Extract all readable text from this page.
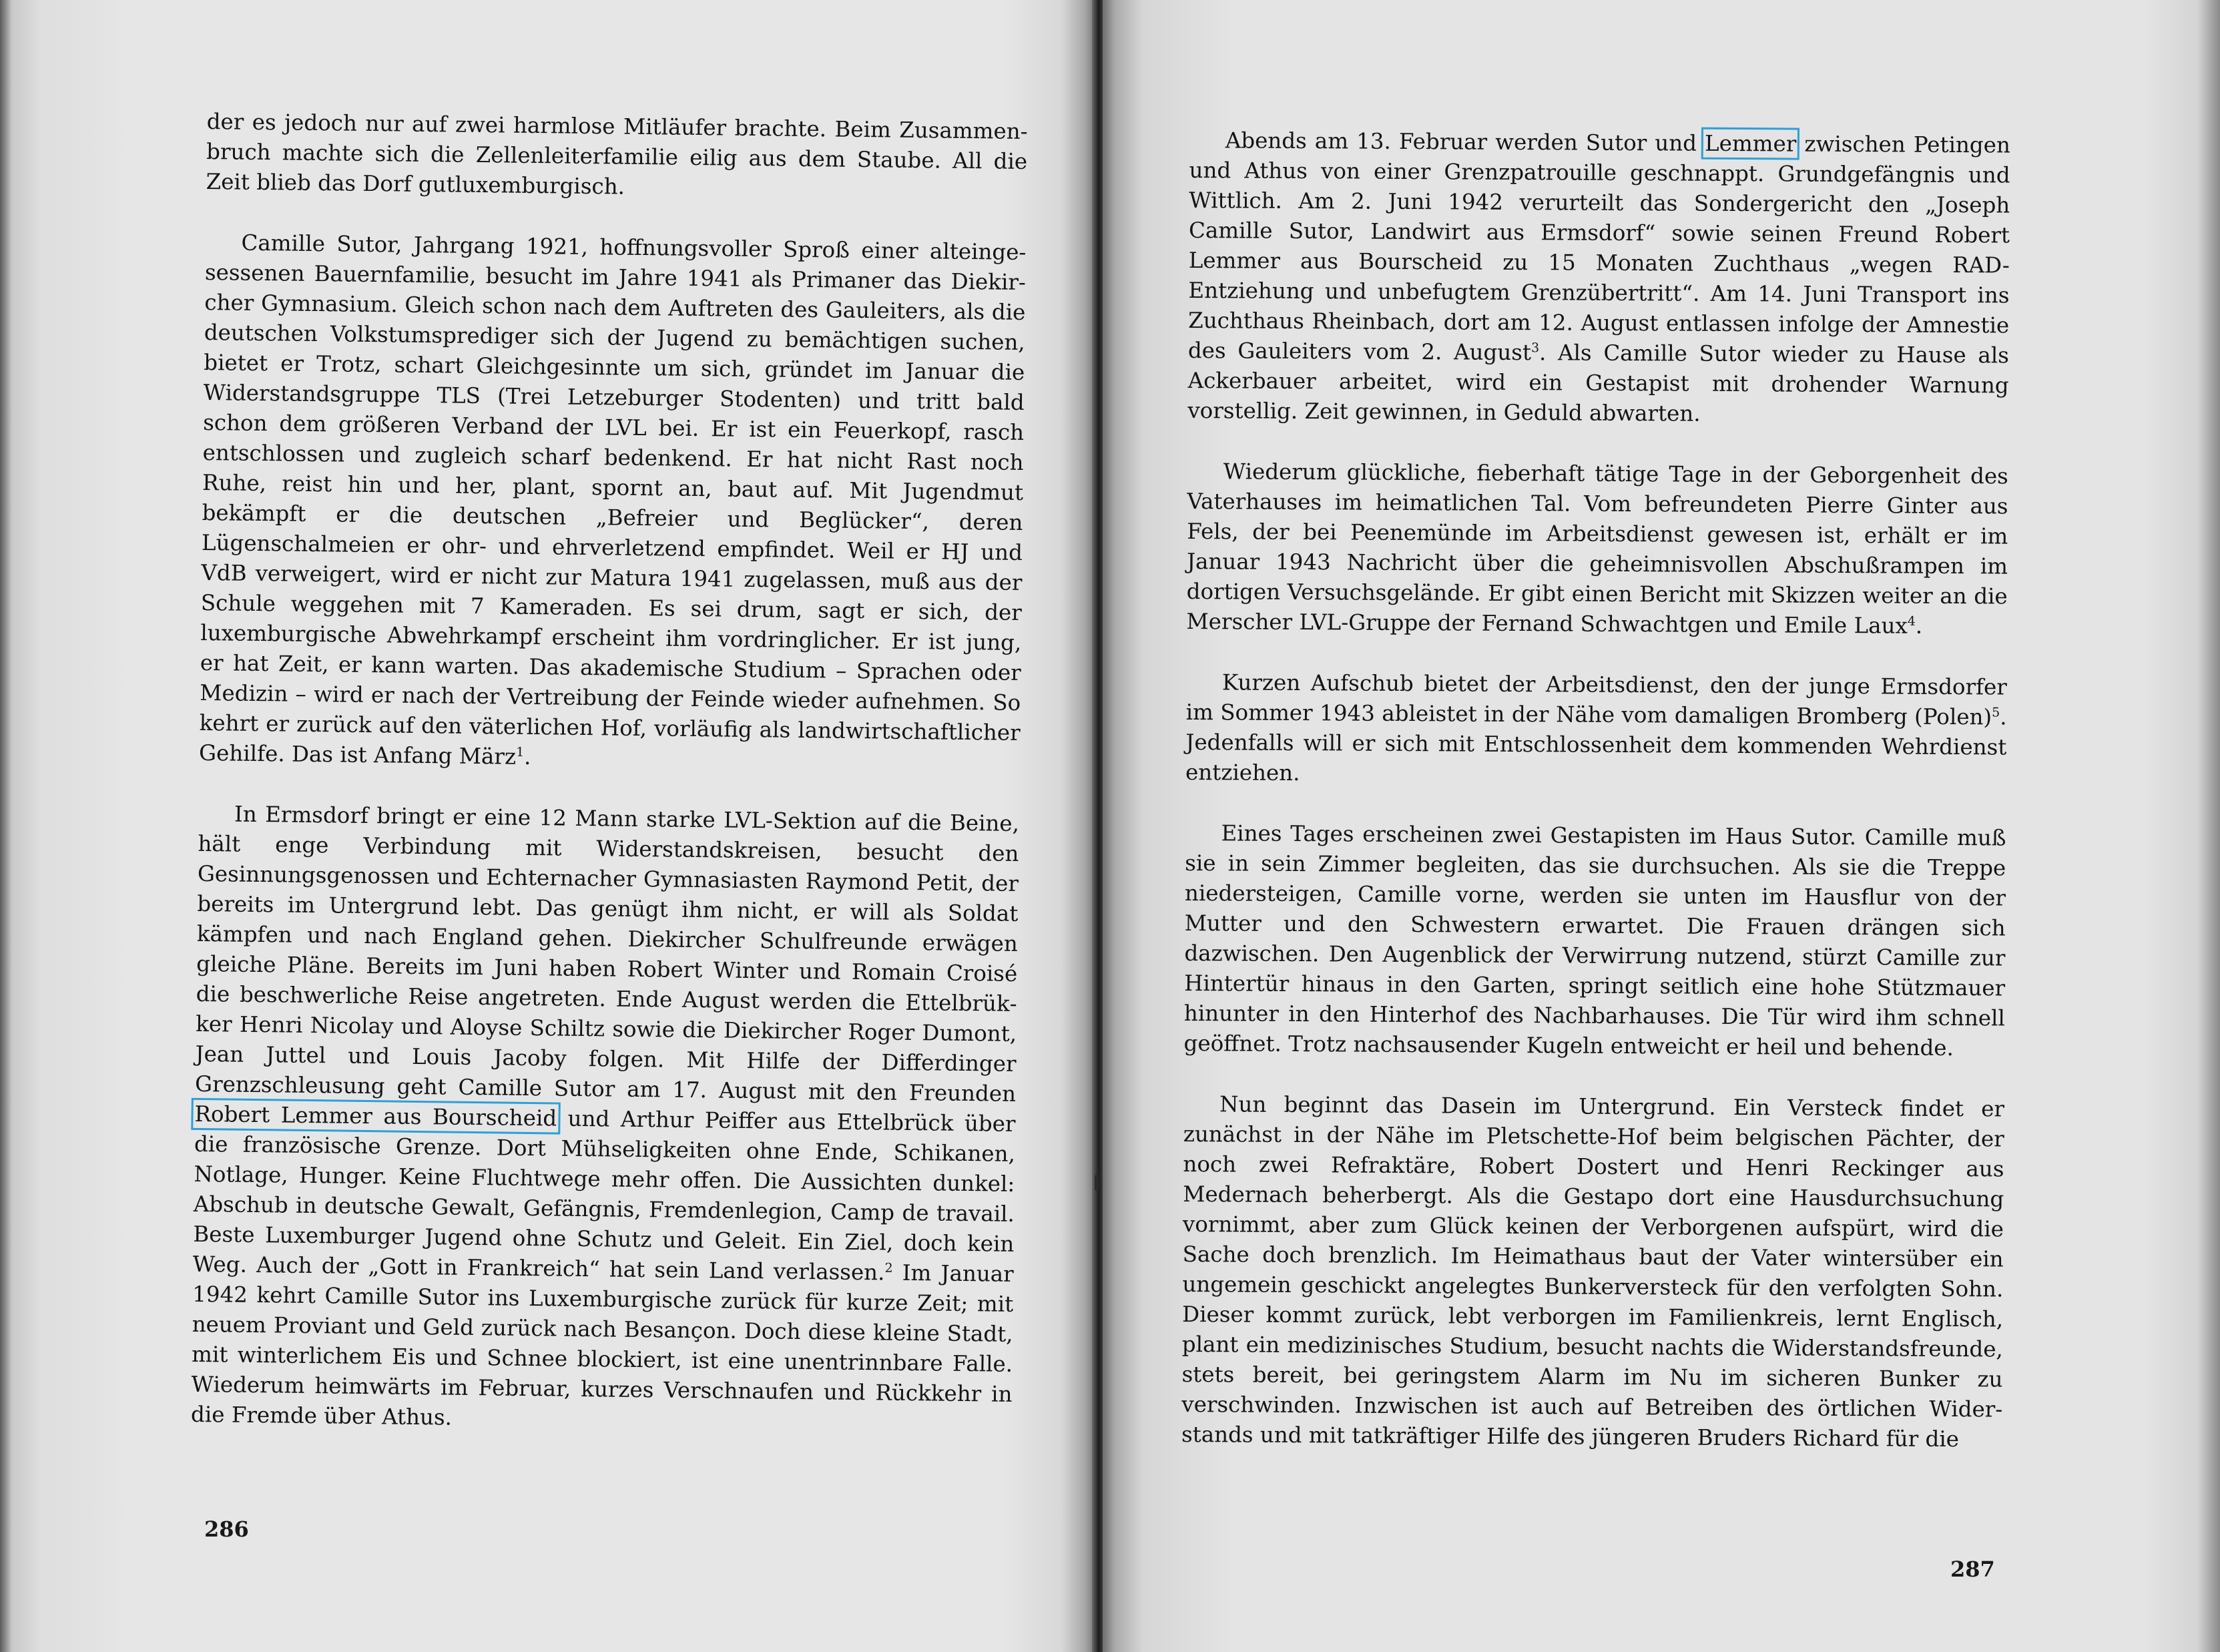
der es jedoch nur auf zwei harmlose Mitläufer brachte. Beim Zusammenbruch machte sich die Zellenleiterfamilie eilig aus dem Staube. All die Zeit blieb das Dorf gutluxemburgisch.

Camille Sutor, Jahrgang 1921, hoffnungsvoller Sproß einer alteingesessenen Bauernfamilie, besucht im Jahre 1941 als Primaner das Diekircher Gymnasium. Gleich schon nach dem Auftreten des Gauleiters, als die deutschen Volkstumsprediger sich der Jugend zu bemächtigen suchen, bietet er Trotz, schart Gleichgesinnte um sich, gründet im Januar die Widerstandsgruppe TLS (Trei Letzeburger Stodenten) und tritt bald schon dem größeren Verband der LVL bei. Er ist ein Feuerkopf, rasch entschlossen und zugleich scharf bedenkend. Er hat nicht Rast noch Ruhe, reist hin und her, plant, spornt an, baut auf. Mit Jugendmut bekämpft er die deutschen „Befreier und Beglücker“, deren Lügenschalmeien er ohr- und ehrverletzend empfindet. Weil er HJ und VdB verweigert, wird er nicht zur Matura 1941 zugelassen, muß aus der Schule weggehen mit 7 Kameraden. Es sei drum, sagt er sich, der luxemburgische Abwehrkampf erscheint ihm vordringlicher. Er ist jung, er hat Zeit, er kann warten. Das akademische Studium – Sprachen oder Medizin – wird er nach der Vertreibung der Feinde wieder aufnehmen. So kehrt er zurück auf den väterlichen Hof, vorläufig als landwirtschaftlicher Gehilfe. Das ist Anfang März$^1$.

In Ermsdorf bringt er eine 12 Mann starke LVL-Sektion auf die Beine, hält enge Verbindung mit Widerstandskreisen, besucht den Gesinnungsgenossen und Echternacher Gymnasiasten Raymond Petit, der bereits im Untergrund lebt. Das genügt ihm nicht, er will als Soldat kämpfen und nach England gehen. Diekircher Schulfreunde erwägen gleiche Pläne. Bereits im Juni haben Robert Winter und Romain Croisé die beschwerliche Reise angetreten. Ende August werden die Ettelbrükker Henri Nicolay und Aloyse Schiltz sowie die Diekircher Roger Dumont, Jean Juttel und Louis Jacoby folgen. Mit Hilfe der Differdinger Grenzschleusung geht Camille Sutor am 17. August mit den Freunden Robert Lemmer aus Bourscheid und Arthur Peiffer aus Ettelbrück über die französische Grenze. Dort Mühseligkeiten ohne Ende, Schikanen, Notlage, Hunger. Keine Fluchtwege mehr offen. Die Aussichten dunkel: Abschub in deutsche Gewalt, Gefängnis, Fremdenlegion, Camp de travail. Beste Luxemburger Jugend ohne Schutz und Geleit. Ein Ziel, doch kein Weg. Auch der „Gott in Frankreich“ hat sein Land verlassen.$^2$ Im Januar 1942 kehrt Camille Sutor ins Luxemburgische zurück für kurze Zeit; mit neuem Proviant und Geld zurück nach Besançon. Doch diese kleine Stadt, mit winterlichem Eis und Schnee blockiert, ist eine unentrinnbare Falle. Wiederum heimwärts im Februar, kurzes Verschnaufen und Rückkehr in die Fremde über Athus.

286

Abends am 13. Februar werden Sutor und Lemmer zwischen Petingen und Athus von einer Grenzpatrouille geschnappt. Grundgefängnis und Wittlich. Am 2. Juni 1942 verurteilt das Sondergericht den „Joseph Camille Sutor, Landwirt aus Ermsdorf“ sowie seinen Freund Robert Lemmer aus Bourscheid zu 15 Monaten Zuchthaus „wegen RAD-Entziehung und unbefugtem Grenzübertritt“. Am 14. Juni Transport ins Zuchthaus Rheinbach, dort am 12. August entlassen infolge der Amnestie des Gauleiters vom 2. August$^3$. Als Camille Sutor wieder zu Hause als Ackerbauer arbeitet, wird ein Gestapist mit drohender Warnung vorstellig. Zeit gewinnen, in Geduld abwarten.

Wiederum glückliche, fieberhaft tätige Tage in der Geborgenheit des Vaterhauses im heimatlichen Tal. Vom befreundeten Pierre Ginter aus Fels, der bei Peenemünde im Arbeitsdienst gewesen ist, erhält er im Januar 1943 Nachricht über die geheimnisvollen Abschußrampen im dortigen Versuchsgelände. Er gibt einen Bericht mit Skizzen weiter an die Merscher LVL-Gruppe der Fernand Schwachtgen und Emile Laux$^4$.

Kurzen Aufschub bietet der Arbeitsdienst, den der junge Ermsdorfer im Sommer 1943 ableistet in der Nähe vom damaligen Bromberg (Polen)$^5$. Jedenfalls will er sich mit Entschlossenheit dem kommenden Wehrdienst entziehen.

Eines Tages erscheinen zwei Gestapisten im Haus Sutor. Camille muß sie in sein Zimmer begleiten, das sie durchsuchen. Als sie die Treppe niedersteigen, Camille vorne, werden sie unten im Hausflur von der Mutter und den Schwestern erwartet. Die Frauen drängen sich dazwischen. Den Augenblick der Verwirrung nutzend, stürzt Camille zur Hintertür hinaus in den Garten, springt seitlich eine hohe Stützmauer hinunter in den Hinterhof des Nachbarhauses. Die Tür wird ihm schnell geöffnet. Trotz nachsausender Kugeln entweicht er heil und behende.

Nun beginnt das Dasein im Untergrund. Ein Versteck findet er zunächst in der Nähe im Pletschette-Hof beim belgischen Pächter, der noch zwei Refraktäre, Robert Dostert und Henri Reckinger aus Medernach beherbergt. Als die Gestapo dort eine Hausdurchsuchung vornimmt, aber zum Glück keinen der Verborgenen aufspürt, wird die Sache doch brenzlich. Im Heimathaus baut der Vater wintersüber ein ungemein geschickt angelegtes Bunkerversteck für den verfolgten Sohn. Dieser kommt zurück, lebt verborgen im Familienkreis, lernt Englisch, plant ein medizinisches Studium, besucht nachts die Widerstandsfreunde, stets bereit, bei geringstem Alarm im Nu im sicheren Bunker zu verschwinden. Inzwischen ist auch auf Betreiben des örtlichen Widerstands und mit tatkräftiger Hilfe des jüngeren Bruders Richard für die

287
